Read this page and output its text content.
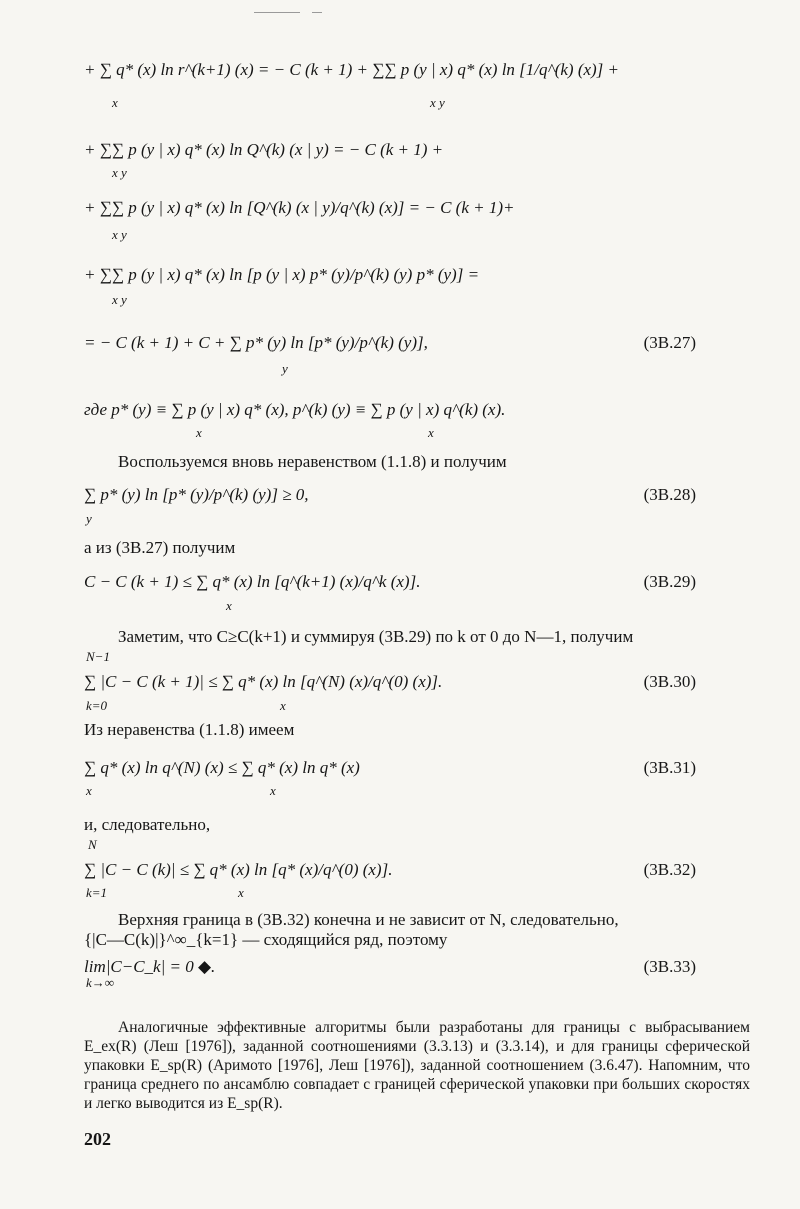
+ ∑ q* (x) ln r^(k+1) (x) = − C (k + 1) + ∑∑ p (y | x) q* (x) ln [1/q^(k) (x)] +
x	x y
+ ∑∑ p (y | x) q* (x) ln Q^(k) (x | y) = − C (k + 1) +
x y
+ ∑∑ p (y | x) q* (x) ln [Q^(k) (x | y)/q^(k) (x)] = − C (k + 1)+
x y
+ ∑∑ p (y | x) q* (x) ln [p (y | x) p* (y)/p^(k) (y) p* (y)] =
x y
= − C (k + 1) + C + ∑ p* (y) ln [p* (y)/p^(k) (y)],	(3B.27)
y
где p* (y) ≡ ∑ p (y | x) q* (x), p^(k) (y) ≡ ∑ p (y | x) q^(k) (x).
x	x
Воспользуемся вновь неравенством (1.1.8) и получим
∑ p* (y) ln [p* (y)/p^(k) (y)] ≥ 0,	(3B.28)
y
а из (3B.27) получим
C − C (k + 1) ≤ ∑ q* (x) ln [q^(k+1) (x)/q^k (x)].	(3B.29)
x
Заметим, что C≥C(k+1) и суммируя (3B.29) по k от 0 до N—1, получим
N−1
∑ |C − C (k + 1)| ≤ ∑ q* (x) ln [q^(N) (x)/q^(0) (x)].	(3B.30)
k=0	x
Из неравенства (1.1.8) имеем
∑ q* (x) ln q^(N) (x) ≤ ∑ q* (x) ln q* (x)	(3B.31)
x	x
и, следовательно,
N
∑ |C − C (k)| ≤ ∑ q* (x) ln [q* (x)/q^(0) (x)].	(3B.32)
k=1	x
Верхняя граница в (3B.32) конечна и не зависит от N, следовательно,
{|C—C(k)|}^∞_{k=1} — сходящийся ряд, поэтому
lim|C−C_k| = 0 ◆.	(3B.33)
k→∞
Аналогичные эффективные алгоритмы были разработаны для границы с выбрасыванием E_ex(R) (Леш [1976]), заданной соотношениями (3.3.13) и (3.3.14), и для границы сферической упаковки E_sp(R) (Аримото [1976], Леш [1976]), заданной соотношением (3.6.47). Напомним, что граница среднего по ансамблю совпадает с границей сферической упаковки при больших скоростях и легко выводится из E_sp(R).
202
